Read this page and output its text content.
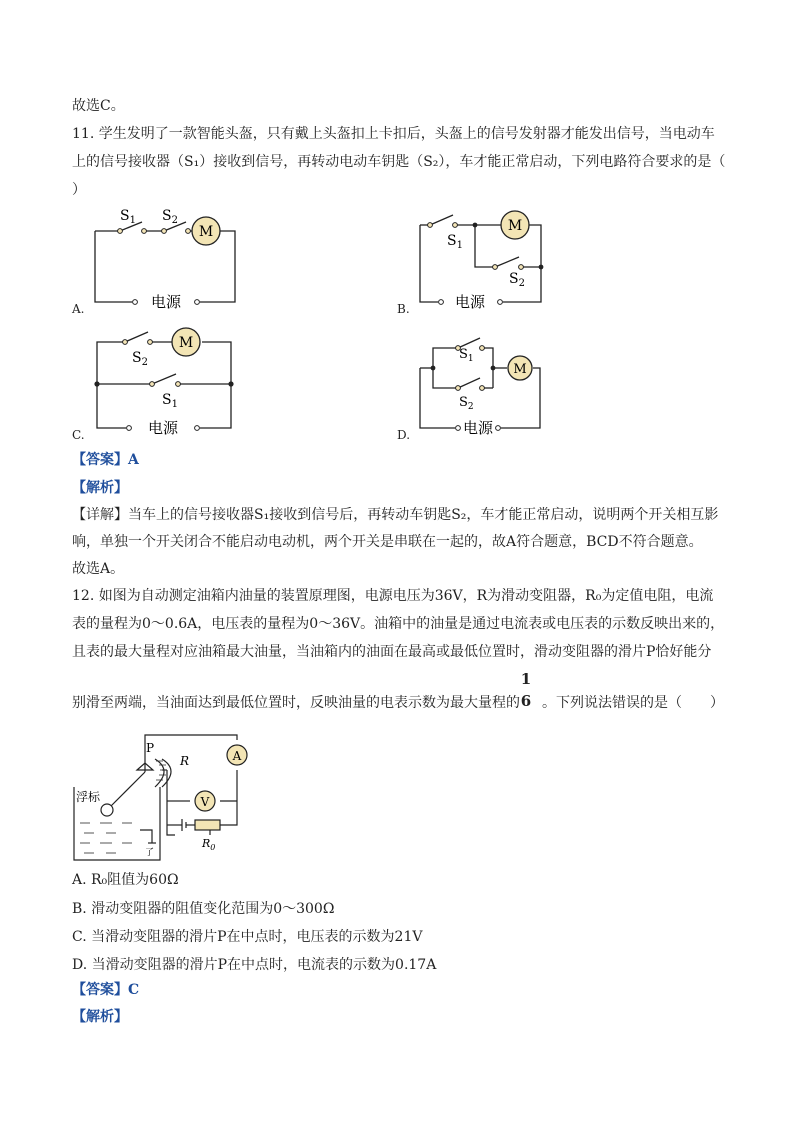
故选C。
11. 学生发明了一款智能头盔，只有戴上头盔扣上卡扣后，头盔上的信号发射器才能发出信号，当电动车
上的信号接收器（S₁）接收到信号，再转动电动车钥匙（S₂），车才能正常启动，下列电路符合要求的是（
）
M
$S_1$ $S_2$
电源
A.
M
$S_1$
$S_2$
电源
B.
M
$S_2$
$S_1$
电源
C.
M
$S_1$
$S_2$
电源
D.
【答案】A
【解析】
【详解】当车上的信号接收器S₁接收到信号后，再转动车钥匙S₂，车才能正常启动，说明两个开关相互影
响，单独一个开关闭合不能启动电动机，两个开关是串联在一起的，故A符合题意，BCD不符合题意。
故选A。
12. 如图为自动测定油箱内油量的装置原理图，电源电压为36V，R为滑动变阻器，R₀为定值电阻，电流
表的量程为0～0.6A，电压表的量程为0～36V。油箱中的油量是通过电流表或电压表的示数反映出来的，
且表的最大量程对应油箱最大油量，当油箱内的油面在最高或最低位置时，滑动变阻器的滑片P恰好能分
别滑至两端，当油面达到最低位置时，反映油量的电表示数为最大量程的 。下列说法错误的是（　　）
1
6
A
V
$R_0$
P
R
浮标
了
A. R₀阻值为60Ω
B. 滑动变阻器的阻值变化范围为0～300Ω
C. 当滑动变阻器的滑片P在中点时，电压表的示数为21V
D. 当滑动变阻器的滑片P在中点时，电流表的示数为0.17A
【答案】C
【解析】
